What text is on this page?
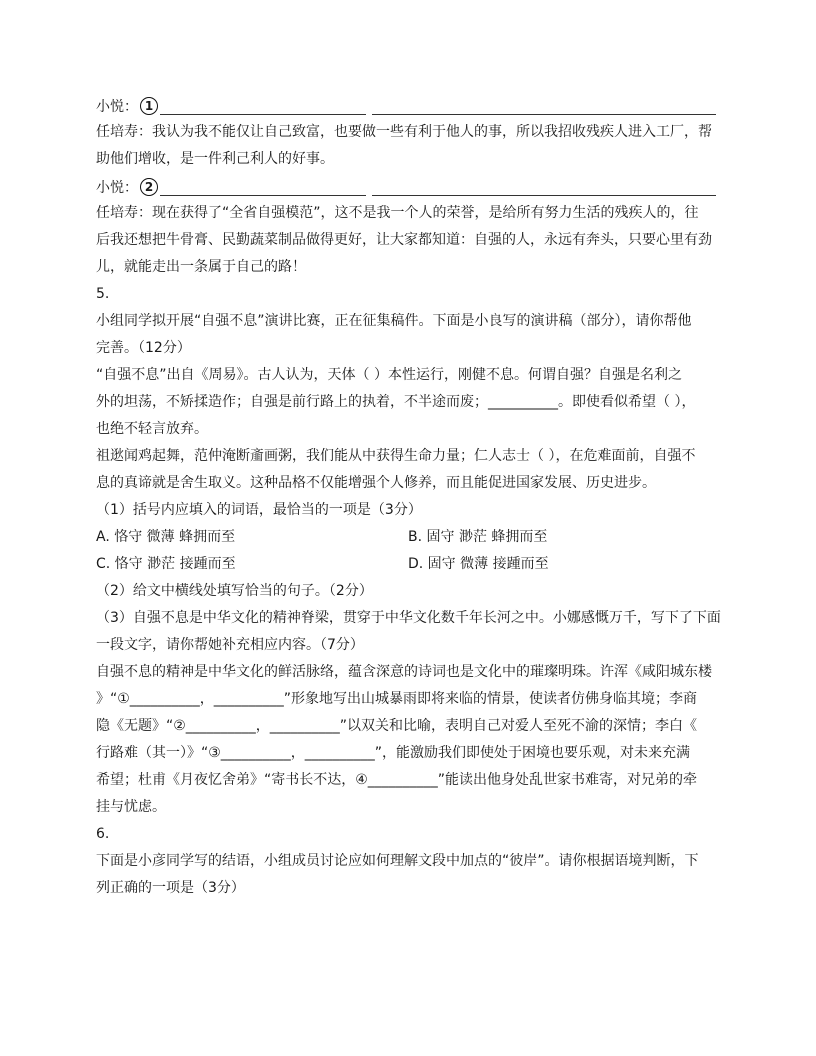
小悦： 1
任培寿：我认为我不能仅让自己致富，也要做一些有利于他人的事，所以我招收残疾人进入工厂，帮
助他们增收，是一件利己利人的好事。
小悦： 2
任培寿：现在获得了“全省自强模范”，这不是我一个人的荣誉，是给所有努力生活的残疾人的，往
后我还想把牛骨膏、民勤蔬菜制品做得更好，让大家都知道：自强的人，永远有奔头，只要心里有劲
儿，就能走出一条属于自己的路！
5.
小组同学拟开展“自强不息”演讲比赛，正在征集稿件。下面是小良写的演讲稿（部分），请你帮他
完善。（12分）
“自强不息”出自《周易》。古人认为，天体（ ）本性运行，刚健不息。何谓自强？自强是名利之
外的坦荡，不矫揉造作；自强是前行路上的执着，不半途而废；__________。即使看似希望（ ），
也绝不轻言放弃。
祖逖闻鸡起舞，范仲淹断齑画粥，我们能从中获得生命力量；仁人志士（ ），在危难面前，自强不
息的真谛就是舍生取义。这种品格不仅能增强个人修养，而且能促进国家发展、历史进步。
（1）括号内应填入的词语，最恰当的一项是（3分）
A. 恪守 微薄 蜂拥而至	B. 固守 渺茫 蜂拥而至
C. 恪守 渺茫 接踵而至	D. 固守 微薄 接踵而至
（2）给文中横线处填写恰当的句子。（2分）
（3）自强不息是中华文化的精神脊梁，贯穿于中华文化数千年长河之中。小娜感慨万千，写下了下面
一段文字，请你帮她补充相应内容。（7分）
自强不息的精神是中华文化的鲜活脉络，蕴含深意的诗词也是文化中的璀璨明珠。许浑《咸阳城东楼
》“①__________，__________”形象地写出山城暴雨即将来临的情景，使读者仿佛身临其境；李商
隐《无题》“②__________，__________”以双关和比喻，表明自己对爱人至死不渝的深情；李白《
行路难（其一）》“③__________，__________”，能激励我们即使处于困境也要乐观，对未来充满
希望；杜甫《月夜忆舍弟》“寄书长不达，④__________”能读出他身处乱世家书难寄，对兄弟的牵
挂与忧虑。
6.
下面是小彦同学写的结语，小组成员讨论应如何理解文段中加点的“彼岸”。请你根据语境判断，下
列正确的一项是（3分）
